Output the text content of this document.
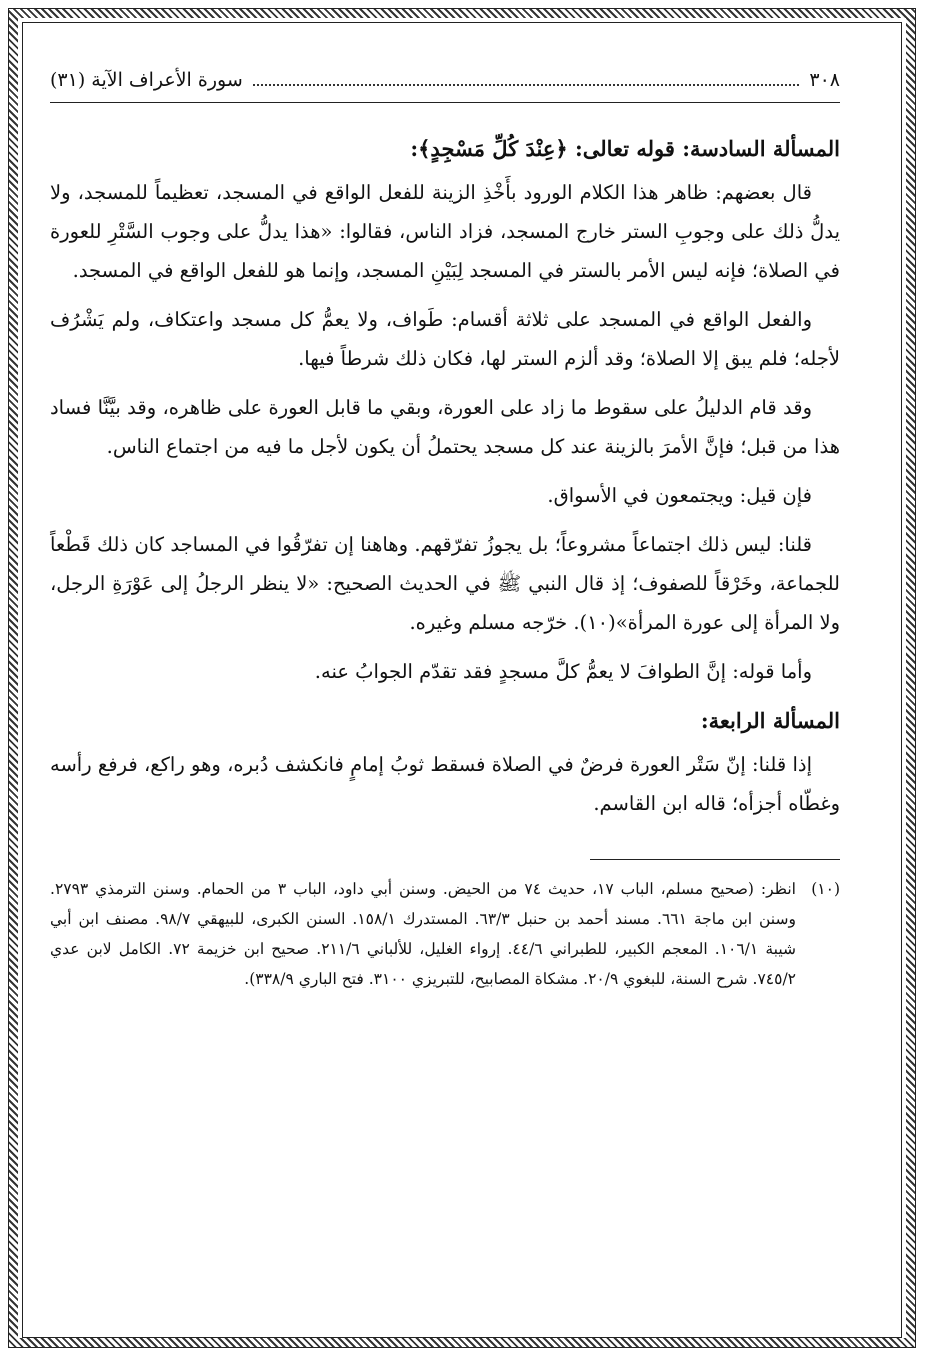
٣٠٨
سورة الأعراف الآية (٣١)
المسألة السادسة: قوله تعالى: ﴿عِنْدَ كُلِّ مَسْجِدٍ﴾:

قال بعضهم: ظاهر هذا الكلام الورود بأَخْذِ الزينة للفعل الواقع في المسجد، تعظيماً للمسجد، ولا يدلُّ ذلك على وجوبِ الستر خارج المسجد، فزاد الناس، فقالوا: «هذا يدلُّ على وجوب السَّتْرِ للعورة في الصلاة؛ فإنه ليس الأمر بالستر في المسجد لِبَيْنِ المسجد، وإنما هو للفعل الواقع في المسجد.

والفعل الواقع في المسجد على ثلاثة أقسام: طَواف، ولا يعمُّ كل مسجد واعتكاف، ولم يَشْرُف لأجله؛ فلم يبق إلا الصلاة؛ وقد ألزم الستر لها، فكان ذلك شرطاً فيها.

وقد قام الدليلُ على سقوط ما زاد على العورة، وبقي ما قابل العورة على ظاهره، وقد بيَّنَّا فساد هذا من قبل؛ فإنَّ الأمرَ بالزينة عند كل مسجد يحتملُ أن يكون لأجل ما فيه من اجتماع الناس.

فإن قيل: ويجتمعون في الأسواق.

قلنا: ليس ذلك اجتماعاً مشروعاً؛ بل يجوزُ تفرّقهم. وهاهنا إن تفرّقُوا في المساجد كان ذلك قَطْعاً للجماعة، وخَرْقاً للصفوف؛ إذ قال النبي ﷺ في الحديث الصحيح: «لا ينظر الرجلُ إلى عَوْرَةِ الرجل، ولا المرأة إلى عورة المرأة»(١٠). خرّجه مسلم وغيره.

وأما قوله: إنَّ الطوافَ لا يعمُّ كلَّ مسجدٍ فقد تقدّم الجوابُ عنه.

المسألة الرابعة:

إذا قلنا: إنّ سَتْر العورة فرضٌ في الصلاة فسقط ثوبُ إمامٍ فانكشف دُبره، وهو راكع، فرفع رأسه وغطّاه أجزأه؛ قاله ابن القاسم.

(١٠)
انظر: (صحيح مسلم، الباب ١٧، حديث ٧٤ من الحيض. وسنن أبي داود، الباب ٣ من الحمام. وسنن الترمذي ٢٧٩٣. وسنن ابن ماجة ٦٦١. مسند أحمد بن حنبل ٦٣/٣. المستدرك ١٥٨/١. السنن الكبرى، للبيهقي ٩٨/٧. مصنف ابن أبي شيبة ١٠٦/١. المعجم الكبير، للطبراني ٤٤/٦. إرواء الغليل، للألباني ٢١١/٦. صحيح ابن خزيمة ٧٢. الكامل لابن عدي ٧٤٥/٢. شرح السنة، للبغوي ٢٠/٩. مشكاة المصابيح، للتبريزي ٣١٠٠. فتح الباري ٣٣٨/٩).
